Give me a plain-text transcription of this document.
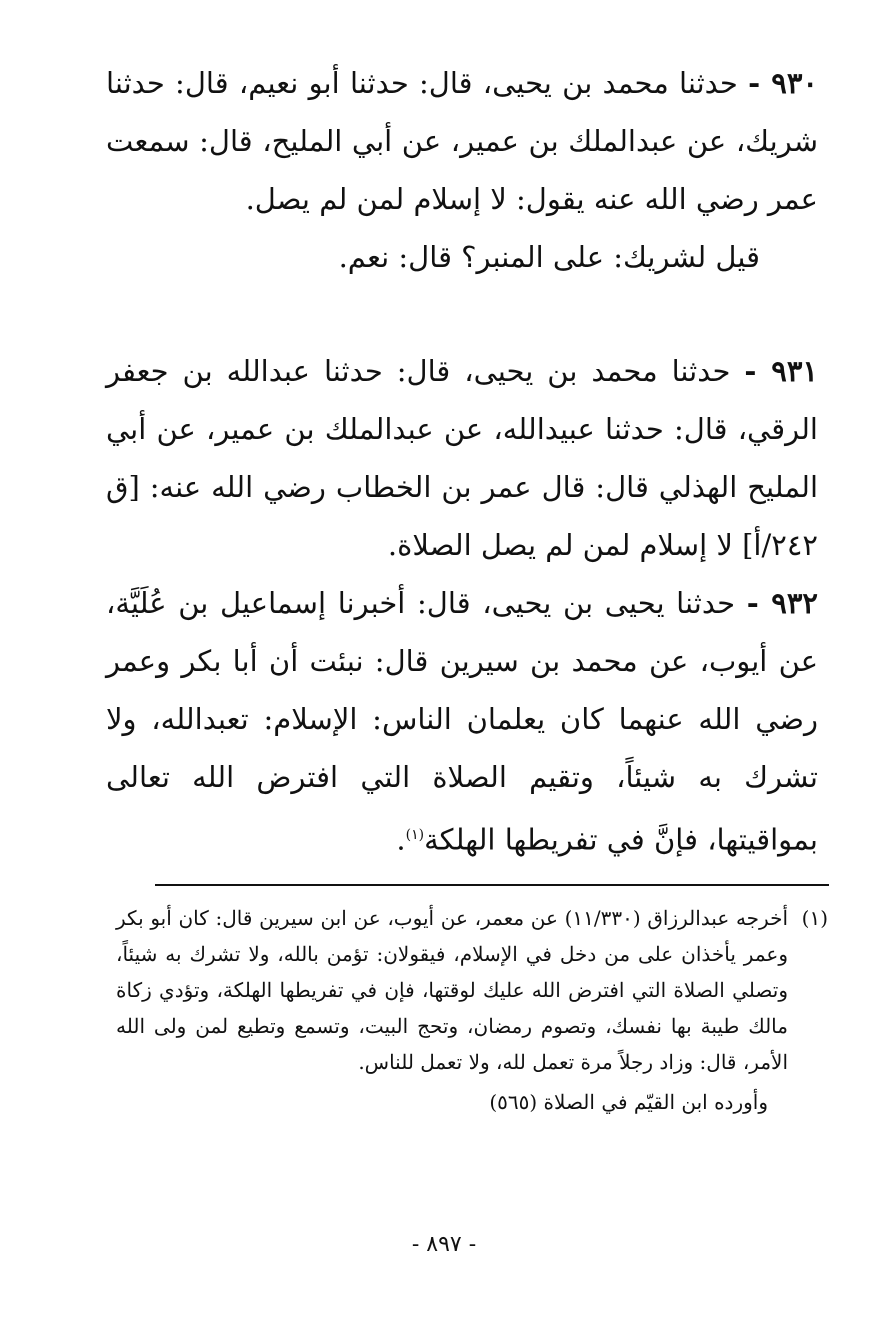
٩٣٠ - حدثنا محمد بن يحيى، قال: حدثنا أبو نعيم، قال: حدثنا شريك، عن عبدالملك بن عمير، عن أبي المليح، قال: سمعت عمر رضي الله عنه يقول: لا إسلام لمن لم يصل.

قيل لشريك: على المنبر؟ قال: نعم.

٩٣١ - حدثنا محمد بن يحيى، قال: حدثنا عبدالله بن جعفر الرقي، قال: حدثنا عبيدالله، عن عبدالملك بن عمير، عن أبي المليح الهذلي قال: قال عمر بن الخطاب رضي الله عنه: [ق ٢٤٢/أ] لا إسلام لمن لم يصل الصلاة.

٩٣٢ - حدثنا يحيى بن يحيى، قال: أخبرنا إسماعيل بن عُلَيَّة، عن أيوب، عن محمد بن سيرين قال: نبئت أن أبا بكر وعمر رضي الله عنهما كان يعلمان الناس: الإسلام: تعبدالله، ولا تشرك به شيئاً، وتقيم الصلاة التي افترض الله تعالى بمواقيتها، فإنَّ في تفريطها الهلكة$^{(١)}$.

(١)
أخرجه عبدالرزاق (١١/٣٣٠) عن معمر، عن أيوب، عن ابن سيرين قال: كان أبو بكر وعمر يأخذان على من دخل في الإسلام، فيقولان: تؤمن بالله، ولا تشرك به شيئاً، وتصلي الصلاة التي افترض الله عليك لوقتها، فإن في تفريطها الهلكة، وتؤدي زكاة مالك طيبة بها نفسك، وتصوم رمضان، وتحج البيت، وتسمع وتطيع لمن ولى الله الأمر، قال: وزاد رجلاً مرة تعمل لله، ولا تعمل للناس.
وأورده ابن القيّم في الصلاة (٥٦٥)
- ٨٩٧ -
